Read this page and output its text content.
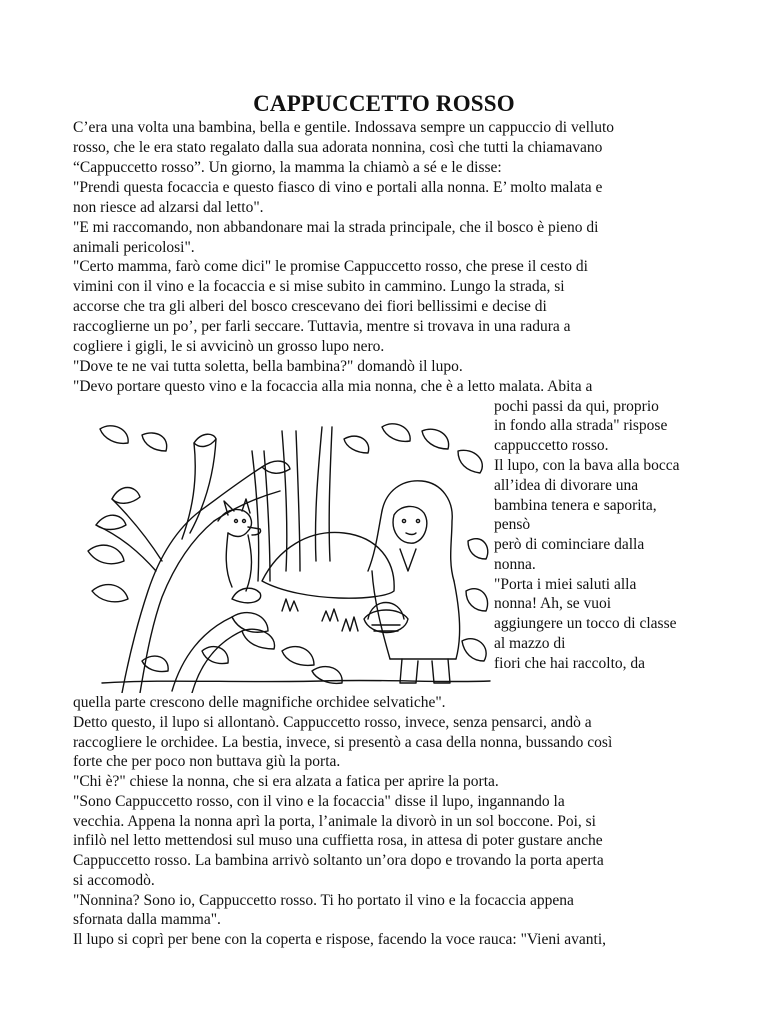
CAPPUCCETTO ROSSO
C’era una volta una bambina, bella e gentile. Indossava sempre un cappuccio di velluto
rosso, che le era stato regalato dalla sua adorata nonnina, così che tutti la chiamavano
“Cappuccetto rosso”. Un giorno, la mamma la chiamò a sé e le disse:
"Prendi questa focaccia e questo fiasco di vino e portali alla nonna. E’ molto malata e
non riesce ad alzarsi dal letto".
"E mi raccomando, non abbandonare mai la strada principale, che il bosco è pieno di
animali pericolosi".
"Certo mamma, farò come dici" le promise Cappuccetto rosso, che prese il cesto di
vimini con il vino e la focaccia e si mise subito in cammino. Lungo la strada, si
accorse che tra gli alberi del bosco crescevano dei fiori bellissimi e decise di
raccoglierne un po’, per farli seccare. Tuttavia, mentre si trovava in una radura a
cogliere i gigli, le si avvicinò un grosso lupo nero.
"Dove te ne vai tutta soletta, bella bambina?" domandò il lupo.
"Devo portare questo vino e la focaccia alla mia nonna, che è a letto malata. Abita a
pochi passi da qui, proprio
in fondo alla strada" rispose
cappuccetto rosso.
Il lupo, con la bava alla bocca
all’idea di divorare una
bambina tenera e saporita,
pensò
però di cominciare dalla
nonna.
"Porta i miei saluti alla
nonna! Ah, se vuoi
aggiungere un tocco di classe
al mazzo di
fiori che hai raccolto, da
quella parte crescono delle magnifiche orchidee selvatiche".
Detto questo, il lupo si allontanò. Cappuccetto rosso, invece, senza pensarci, andò a
raccogliere le orchidee. La bestia, invece, si presentò a casa della nonna, bussando così
forte che per poco non buttava giù la porta.
"Chi è?" chiese la nonna, che si era alzata a fatica per aprire la porta.
"Sono Cappuccetto rosso, con il vino e la focaccia" disse il lupo, ingannando la
vecchia. Appena la nonna aprì la porta, l’animale la divorò in un sol boccone. Poi, si
infilò nel letto mettendosi sul muso una cuffietta rosa, in attesa di poter gustare anche
Cappuccetto rosso. La bambina arrivò soltanto un’ora dopo e trovando la porta aperta
si accomodò.
"Nonnina? Sono io, Cappuccetto rosso. Ti ho portato il vino e la focaccia appena
sfornata dalla mamma".
Il lupo si coprì per bene con la coperta e rispose, facendo la voce rauca: "Vieni avanti,
